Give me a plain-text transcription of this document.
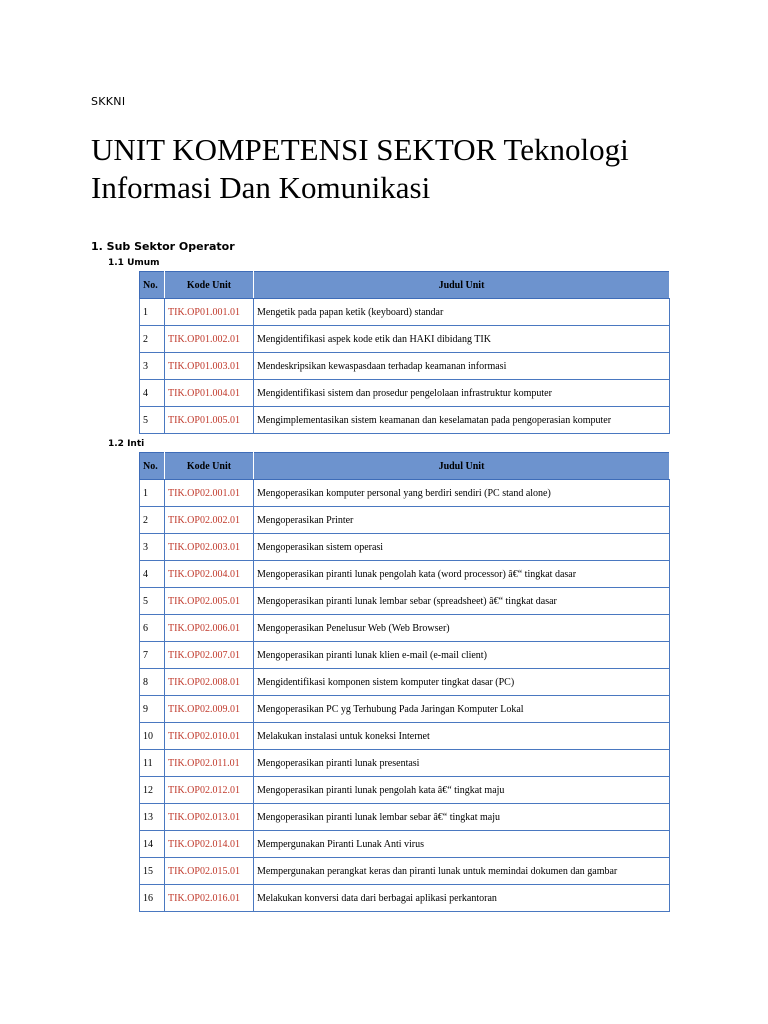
SKKNI
UNIT KOMPETENSI SEKTOR Teknologi Informasi Dan Komunikasi
1. Sub Sektor Operator
1.1 Umum
No.	Kode Unit	Judul Unit
1	TIK.OP01.001.01	Mengetik pada papan ketik (keyboard) standar
2	TIK.OP01.002.01	Mengidentifikasi aspek kode etik dan HAKI dibidang TIK
3	TIK.OP01.003.01	Mendeskripsikan kewaspasdaan terhadap keamanan informasi
4	TIK.OP01.004.01	Mengidentifikasi sistem dan prosedur pengelolaan infrastruktur komputer
5	TIK.OP01.005.01	Mengimplementasikan sistem keamanan dan keselamatan pada pengoperasian komputer
1.2 Inti
No.	Kode Unit	Judul Unit
1	TIK.OP02.001.01	Mengoperasikan komputer personal yang berdiri sendiri (PC stand alone)
2	TIK.OP02.002.01	Mengoperasikan Printer
3	TIK.OP02.003.01	Mengoperasikan sistem operasi
4	TIK.OP02.004.01	Mengoperasikan piranti lunak pengolah kata (word processor) â€“ tingkat dasar
5	TIK.OP02.005.01	Mengoperasikan piranti lunak lembar sebar (spreadsheet) â€“ tingkat dasar
6	TIK.OP02.006.01	Mengoperasikan Penelusur Web (Web Browser)
7	TIK.OP02.007.01	Mengoperasikan piranti lunak klien e-mail (e-mail client)
8	TIK.OP02.008.01	Mengidentifikasi komponen sistem komputer tingkat dasar (PC)
9	TIK.OP02.009.01	Mengoperasikan PC yg Terhubung Pada Jaringan Komputer Lokal
10	TIK.OP02.010.01	Melakukan instalasi untuk koneksi Internet
11	TIK.OP02.011.01	Mengoperasikan piranti lunak presentasi
12	TIK.OP02.012.01	Mengoperasikan piranti lunak pengolah kata â€“ tingkat maju
13	TIK.OP02.013.01	Mengoperasikan piranti lunak lembar sebar â€“ tingkat maju
14	TIK.OP02.014.01	Mempergunakan Piranti Lunak Anti virus
15	TIK.OP02.015.01	Mempergunakan perangkat keras dan piranti lunak untuk memindai dokumen dan gambar
16	TIK.OP02.016.01	Melakukan konversi data dari berbagai aplikasi perkantoran
